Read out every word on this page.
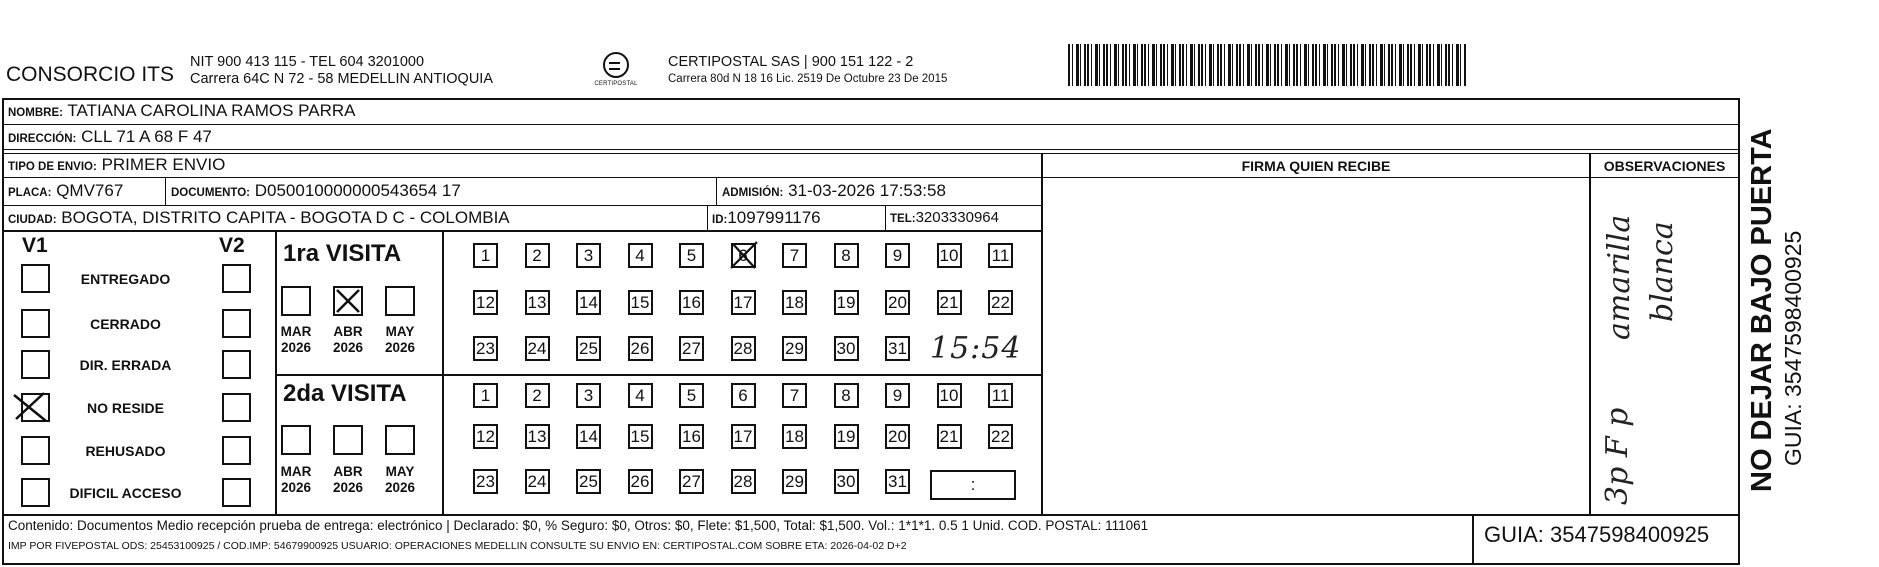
CONSORCIO ITS
NIT 900 413 115 - TEL 604 3201000
Carrera 64C N 72 - 58 MEDELLIN ANTIOQUIA	CERTIPOSTAL
CERTIPOSTAL SAS | 900 151 122 - 2
Carrera 80d N 18 16 Lic. 2519 De Octubre 23 De 2015
NOMBRE: TATIANA CAROLINA RAMOS PARRA
DIRECCIÓN: CLL 71 A 68 F 47
TIPO DE ENVIO: PRIMER ENVIO
PLACA: QMV767	DOCUMENTO: D050010000000543654 17	ADMISIÓN: 31-03-2026 17:53:58
CIUDAD: BOGOTA, DISTRITO CAPITA - BOGOTA D C - COLOMBIA	ID:1097991176	TEL:3203330964
FIRMA QUIEN RECIBE	OBSERVACIONES
V1	V2
ENTREGADO
CERRADO
DIR. ERRADA
NO RESIDE
REHUSADO
DIFICIL ACCESO
1ra VISITA
2da VISITA
MAR
2026
ABR
2026
MAY
2026
MAR
2026
ABR
2026
MAY
2026
1	2	3	4	5	6	7	8	9	10 11
12 13 14 15 16 17 18 19 20 21 22
23 24 25 26 27 28 29 30 31
1	2	3	4	5	6	7	8	9	10 11
12 13 14 15 16 17 18 19 20 21 22
23 24 25 26 27 28 29 30 31
15:54
:
amarilla blanca
3p F p	NO DEJAR BAJO PUERTA GUIA: 3547598400925
Contenido: Documentos Medio recepción prueba de entrega: electrónico | Declarado: $0, % Seguro: $0, Otros: $0, Flete: $1,500, Total: $1,500. Vol.: 1*1*1. 0.5 1 Unid. COD. POSTAL: 111061
IMP POR FIVEPOSTAL ODS: 25453100925 / COD.IMP: 54679900925 USUARIO: OPERACIONES MEDELLIN CONSULTE SU ENVIO EN: CERTIPOSTAL.COM SOBRE ETA: 2026-04-02 D+2	GUIA: 3547598400925
